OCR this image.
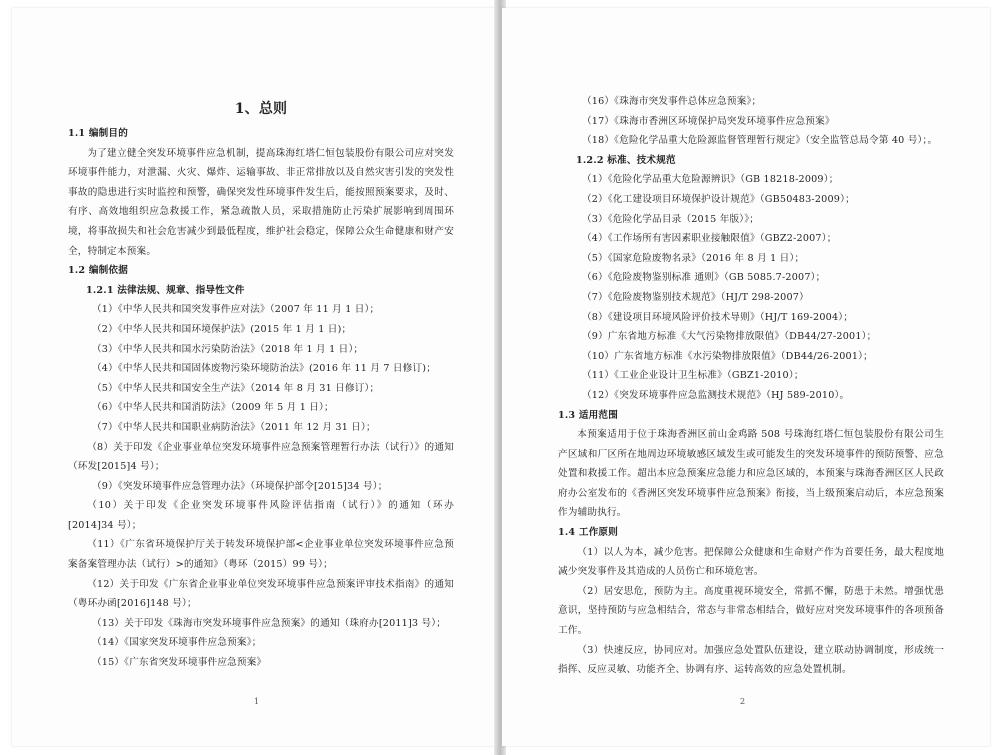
1、总则
1.1 编制目的
为了建立健全突发环境事件应急机制，提高珠海红塔仁恒包装股份有限公司应对突发环境事件能力，对泄漏、火灾、爆炸、运输事故、非正常排放以及自然灾害引发的突发性事故的隐患进行实时监控和预警，确保突发性环境事件发生后，能按照预案要求，及时、有序、高效地组织应急救援工作，紧急疏散人员，采取措施防止污染扩展影响到周围环境，将事故损失和社会危害减少到最低程度，维护社会稳定，保障公众生命健康和财产安全，特制定本预案。
1.2 编制依据
1.2.1 法律法规、规章、指导性文件
（1）《中华人民共和国突发事件应对法》（2007 年 11 月 1 日）；
（2）《中华人民共和国环境保护法》(2015 年 1 月 1 日)；
（3）《中华人民共和国水污染防治法》（2018 年 1 月 1 日）；
（4）《中华人民共和国固体废物污染环境防治法》(2016 年 11 月 7 日修订)；
（5）《中华人民共和国安全生产法》（2014 年 8 月 31 日修订）；
（6）《中华人民共和国消防法》（2009 年 5 月 1 日）；
（7）《中华人民共和国职业病防治法》（2011 年 12 月 31 日）；
（8）关于印发《企业事业单位突发环境事件应急预案管理暂行办法（试行）》的通知（环发[2015]4 号）；
（9）《突发环境事件应急管理办法》（环境保护部令[2015]34 号）；
（10）关于印发《企业突发环境事件风险评估指南（试行）》的通知（环办[2014]34 号）；
（11）《广东省环境保护厅关于转发环境保护部<企业事业单位突发环境事件应急预案备案管理办法（试行）>的通知》（粤环（2015）99 号）；
（12）关于印发《广东省企业事业单位突发环境事件应急预案评审技术指南》的通知（粤环办函[2016]148 号）；
（13）关于印发《珠海市突发环境事件应急预案》的通知（珠府办[2011]3 号）；
（14）《国家突发环境事件应急预案》；
（15）《广东省突发环境事件应急预案》
1
（16）《珠海市突发事件总体应急预案》；
（17）《珠海市香洲区环境保护局突发环境事件应急预案》
（18）《危险化学品重大危险源监督管理暂行规定》（安全监管总局令第 40 号）；。
1.2.2 标准、技术规范
（1）《危险化学品重大危险源辨识》（GB 18218-2009）；
（2）《化工建设项目环境保护设计规范》（GB50483-2009）；
（3）《危险化学品目录（2015 年版）》；
（4）《工作场所有害因素职业接触限值》（GBZ2-2007）；
（5）《国家危险废物名录》（2016 年 8 月 1 日）；
（6）《危险废物鉴别标准 通则》（GB 5085.7-2007）；
（7）《危险废物鉴别技术规范》（HJ/T 298-2007）
（8）《建设项目环境风险评价技术导则》（HJ/T 169-2004）；
（9）广东省地方标准《大气污染物排放限值》（DB44/27-2001）；
（10）广东省地方标准《水污染物排放限值》（DB44/26-2001）；
（11）《工业企业设计卫生标准》（GBZ1-2010）；
（12）《突发环境事件应急监测技术规范》（HJ 589-2010）。
1.3 适用范围
本预案适用于位于珠海香洲区前山金鸡路 508 号珠海红塔仁恒包装股份有限公司生产区域和厂区所在地周边环境敏感区域发生或可能发生的突发环境事件的预防预警、应急处置和救援工作。超出本应急预案应急能力和应急区域的，本预案与珠海香洲区区人民政府办公室发布的《香洲区突发环境事件应急预案》衔接，当上级预案启动后，本应急预案作为辅助执行。
1.4 工作原则
（1）以人为本，减少危害。把保障公众健康和生命财产作为首要任务，最大程度地减少突发事件及其造成的人员伤亡和环境危害。
（2）居安思危，预防为主。高度重视环境安全，常抓不懈，防患于未然。增强忧患意识，坚持预防与应急相结合，常态与非常态相结合，做好应对突发环境事件的各项预备工作。
（3）快速反应，协同应对。加强应急处置队伍建设，建立联动协调制度，形成统一指挥、反应灵敏、功能齐全、协调有序、运转高效的应急处置机制。
2
